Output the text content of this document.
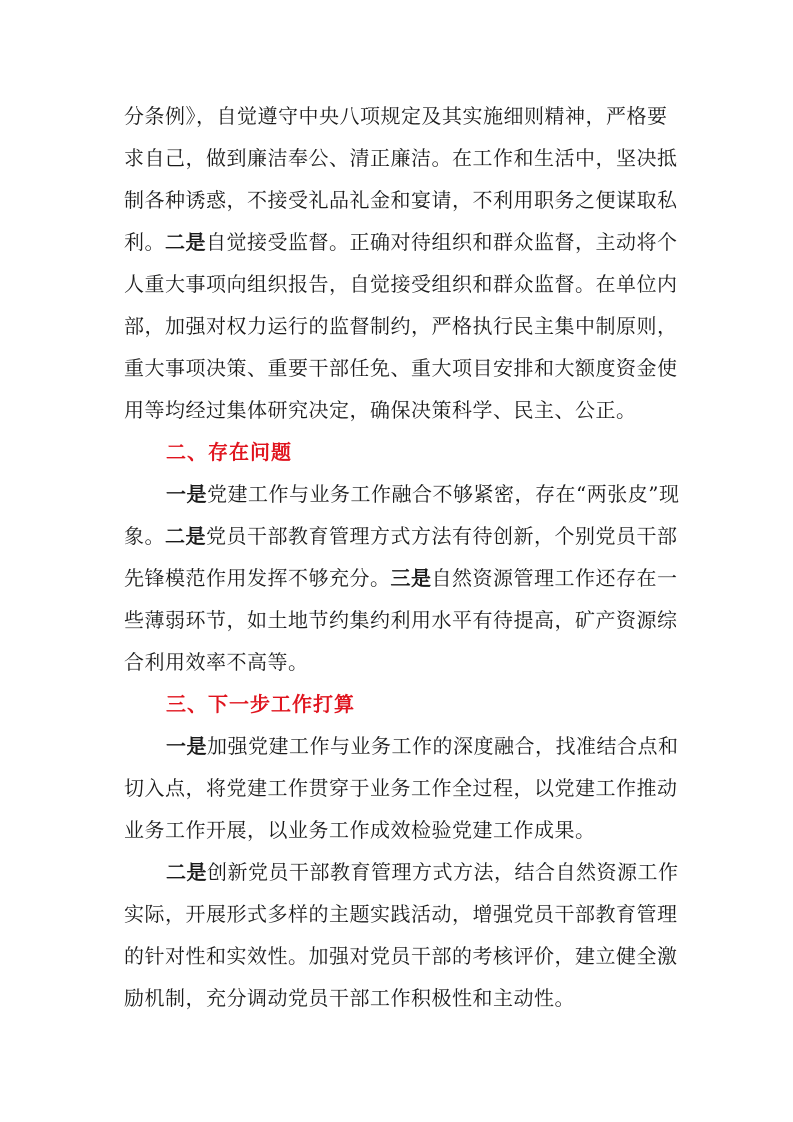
分条例》，自觉遵守中央八项规定及其实施细则精神，严格要
求自己，做到廉洁奉公、清正廉洁。在工作和生活中，坚决抵
制各种诱惑，不接受礼品礼金和宴请，不利用职务之便谋取私
利。二是自觉接受监督。正确对待组织和群众监督，主动将个
人重大事项向组织报告，自觉接受组织和群众监督。在单位内
部，加强对权力运行的监督制约，严格执行民主集中制原则，
重大事项决策、重要干部任免、重大项目安排和大额度资金使
用等均经过集体研究决定，确保决策科学、民主、公正。
二、存在问题
一是党建工作与业务工作融合不够紧密，存在“两张皮”现
象。二是党员干部教育管理方式方法有待创新，个别党员干部
先锋模范作用发挥不够充分。三是自然资源管理工作还存在一
些薄弱环节，如土地节约集约利用水平有待提高，矿产资源综
合利用效率不高等。
三、下一步工作打算
一是加强党建工作与业务工作的深度融合，找准结合点和
切入点，将党建工作贯穿于业务工作全过程，以党建工作推动
业务工作开展，以业务工作成效检验党建工作成果。
二是创新党员干部教育管理方式方法，结合自然资源工作
实际，开展形式多样的主题实践活动，增强党员干部教育管理
的针对性和实效性。加强对党员干部的考核评价，建立健全激
励机制，充分调动党员干部工作积极性和主动性。
